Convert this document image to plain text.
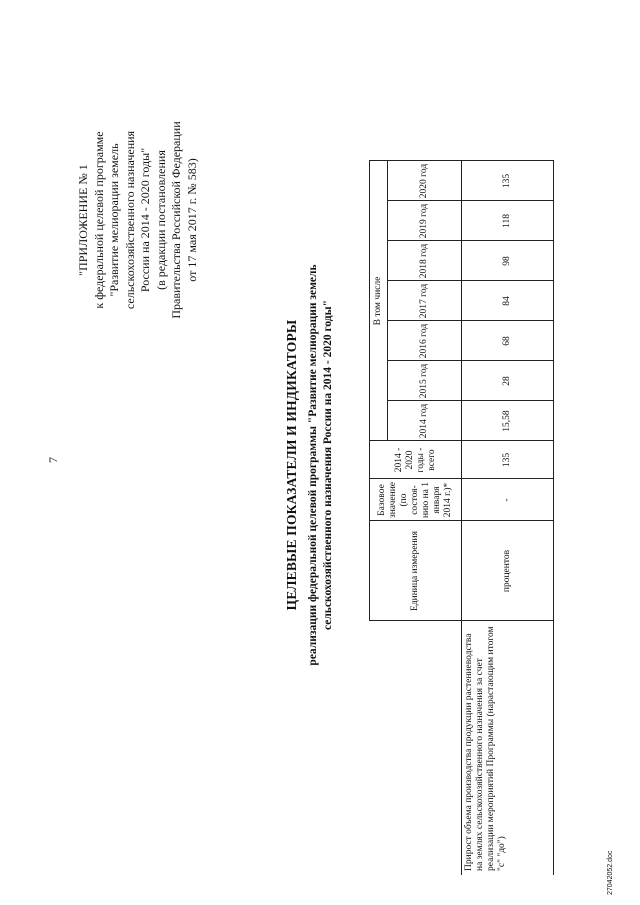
7
"ПРИЛОЖЕНИЕ № 1 к федеральной целевой программе "Развитие мелиорации земель сельскохозяйственного назначения России на 2014 - 2020 годы" (в редакции постановления Правительства Российской Федерации от 17 мая 2017 г. № 583)
ЦЕЛЕВЫЕ ПОКАЗАТЕЛИ И ИНДИКАТОРЫ реализации федеральной целевой программы "Развитие мелиорации земель сельскохозяйственного назначения России на 2014 - 2020 годы"
		Единица измерения	Базовое значение (по состоя-нию на 1 января 2014 г.)*	2014 - 2020 годы - всего	В том числе						
				2014 год	2015 год	2016 год	2017 год	2018 год	2019 год	2020 год
Прирост объема производства продукции растениеводства на землях сельскохозяйственного назначения за счет реализации мероприятий Программы (нарастающим итогом "с" "до")	процентов	-	135	15,58	28	68	84	98	118	135
27042052.doc
